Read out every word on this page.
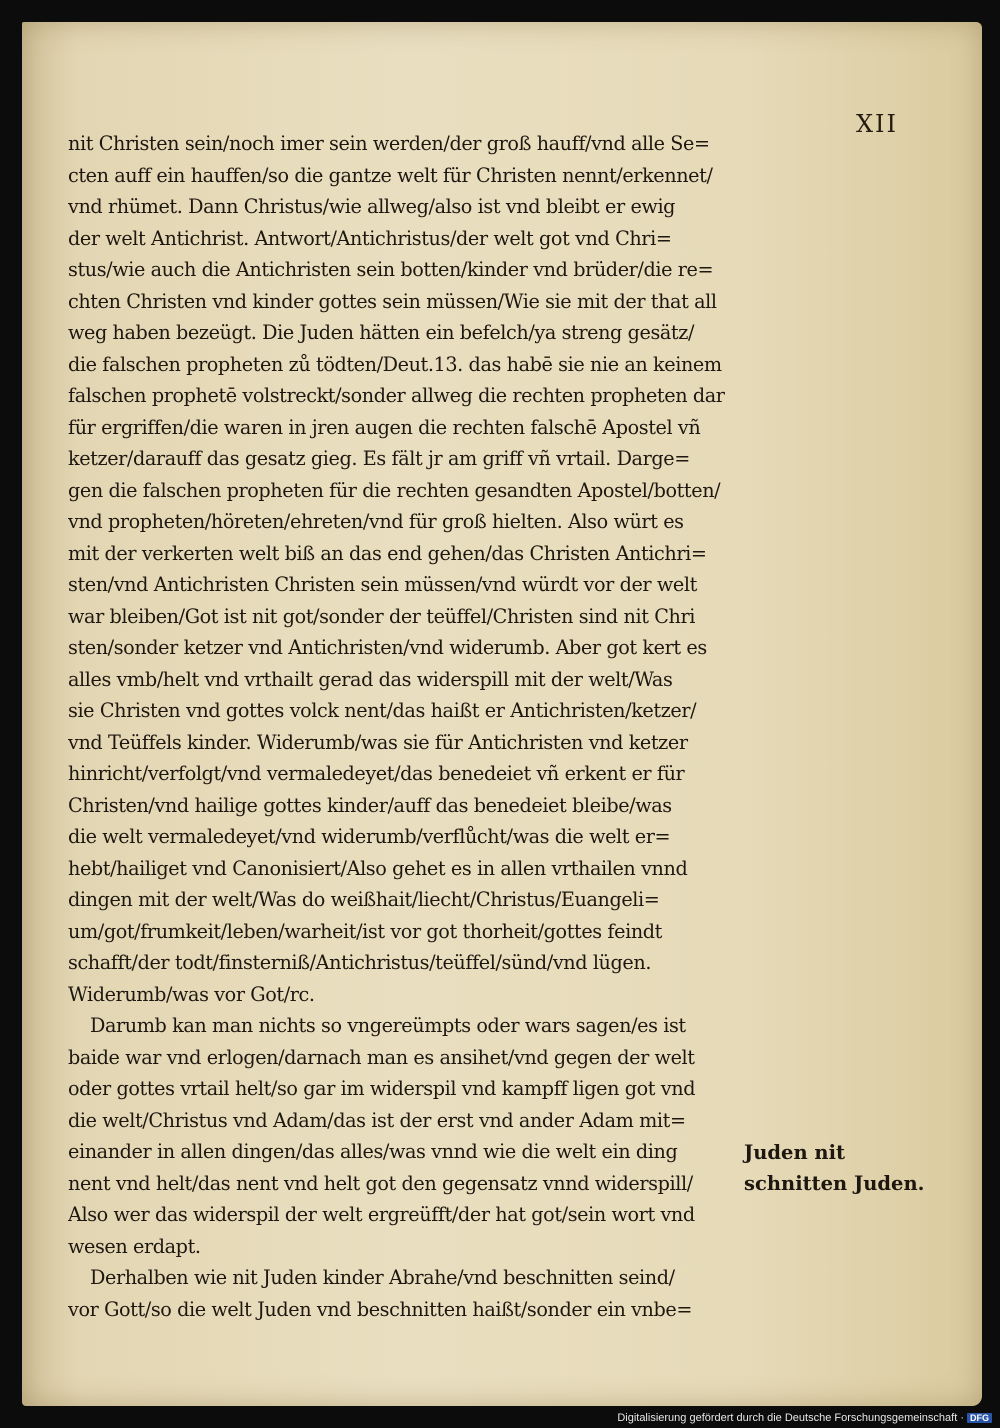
XII
nit Christen sein/noch imer sein werden/der groß hauff/vnd alle Se=
cten auff ein hauffen/so die gantze welt für Christen nennt/erkennet/
vnd rhümet. Dann Christus/wie allweg/also ist vnd bleibt er ewig
der welt Antichrist. Antwort/Antichristus/der welt got vnd Chri=
stus/wie auch die Antichristen sein botten/kinder vnd brüder/die re=
chten Christen vnd kinder gottes sein müssen/Wie sie mit der that all
weg haben bezeügt. Die Juden hätten ein befelch/ya streng gesätz/
die falschen propheten zů tödten/Deut.13. das habē sie nie an keinem
falschen prophetē volstreckt/sonder allweg die rechten propheten dar
für ergriffen/die waren in jren augen die rechten falschē Apostel vñ
ketzer/darauff das gesatz gieg. Es fält jr am griff vñ vrtail. Darge=
gen die falschen propheten für die rechten gesandten Apostel/botten/
vnd propheten/höreten/ehreten/vnd für groß hielten. Also würt es
mit der verkerten welt biß an das end gehen/das Christen Antichri=
sten/vnd Antichristen Christen sein müssen/vnd würdt vor der welt
war bleiben/Got ist nit got/sonder der teüffel/Christen sind nit Chri
sten/sonder ketzer vnd Antichristen/vnd widerumb. Aber got kert es
alles vmb/helt vnd vrthailt gerad das widerspill mit der welt/Was
sie Christen vnd gottes volck nent/das haißt er Antichristen/ketzer/
vnd Teüffels kinder. Widerumb/was sie für Antichristen vnd ketzer
hinricht/verfolgt/vnd vermaledeyet/das benedeiet vñ erkent er für
Christen/vnd hailige gottes kinder/auff das benedeiet bleibe/was
die welt vermaledeyet/vnd widerumb/verflůcht/was die welt er=
hebt/hailiget vnd Canonisiert/Also gehet es in allen vrthailen vnnd
dingen mit der welt/Was do weißhait/liecht/Christus/Euangeli=
um/got/frumkeit/leben/warheit/ist vor got thorheit/gottes feindt
schafft/der todt/finsterniß/Antichristus/teüffel/sünd/vnd lügen.
Widerumb/was vor Got/rc.
Darumb kan man nichts so vngereümpts oder wars sagen/es ist
baide war vnd erlogen/darnach man es ansihet/vnd gegen der welt
oder gottes vrtail helt/so gar im widerspil vnd kampff ligen got vnd
die welt/Christus vnd Adam/das ist der erst vnd ander Adam mit=
einander in allen dingen/das alles/was vnnd wie die welt ein ding
nent vnd helt/das nent vnd helt got den gegensatz vnnd widerspill/
Also wer das widerspil der welt ergreüfft/der hat got/sein wort vnd
wesen erdapt.
Derhalben wie nit Juden kinder Abrahe/vnd beschnitten seind/
vor Gott/so die welt Juden vnd beschnitten haißt/sonder ein vnbe=
Juden nit
schnitten Juden.
Digitalisierung gefördert durch die Deutsche Forschungsgemeinschaft · DFG
